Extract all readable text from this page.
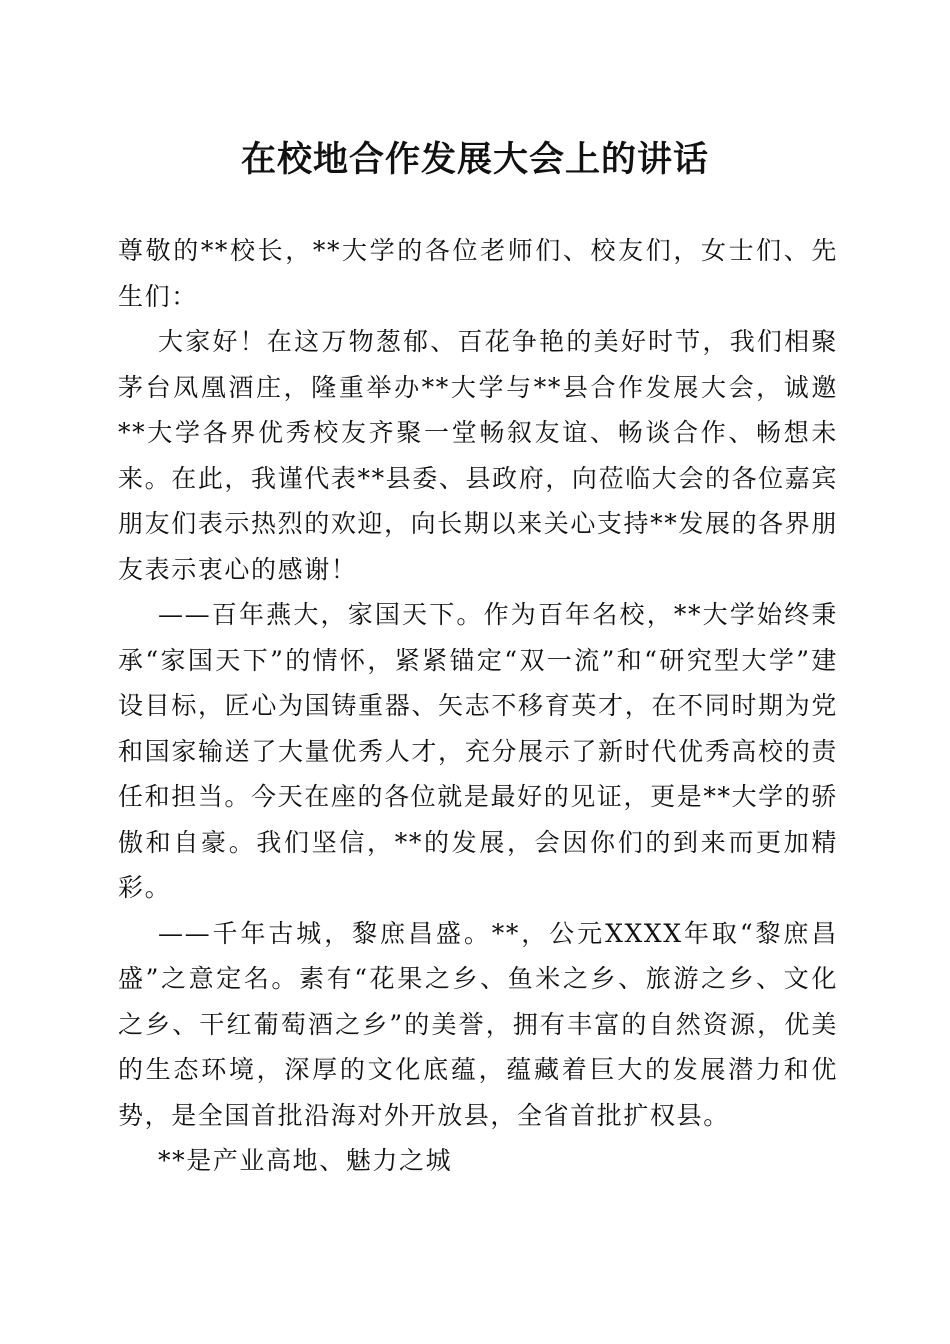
在校地合作发展大会上的讲话

尊敬的**校长，**大学的各位老师们、校友们，女士们、先生们：

大家好！在这万物葱郁、百花争艳的美好时节，我们相聚茅台凤凰酒庄，隆重举办**大学与**县合作发展大会，诚邀**大学各界优秀校友齐聚一堂畅叙友谊、畅谈合作、畅想未来。在此，我谨代表**县委、县政府，向莅临大会的各位嘉宾朋友们表示热烈的欢迎，向长期以来关心支持**发展的各界朋友表示衷心的感谢！

——百年燕大，家国天下。作为百年名校，**大学始终秉承“家国天下”的情怀，紧紧锚定“双一流”和“研究型大学”建设目标，匠心为国铸重器、矢志不移育英才，在不同时期为党和国家输送了大量优秀人才，充分展示了新时代优秀高校的责任和担当。今天在座的各位就是最好的见证，更是**大学的骄傲和自豪。我们坚信，**的发展，会因你们的到来而更加精彩。

——千年古城，黎庶昌盛。**，公元XXXX年取“黎庶昌盛”之意定名。素有“花果之乡、鱼米之乡、旅游之乡、文化之乡、干红葡萄酒之乡”的美誉，拥有丰富的自然资源，优美的生态环境，深厚的文化底蕴，蕴藏着巨大的发展潜力和优势，是全国首批沿海对外开放县，全省首批扩权县。

**是产业高地、魅力之城
